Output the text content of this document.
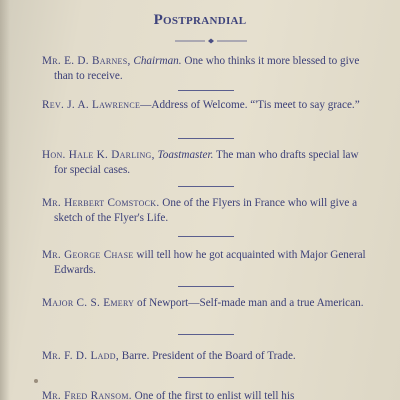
Postprandial
Mr. E. D. Barnes, Chairman. One who thinks it more blessed to give than to receive.
Rev. J. A. Lawrence—Address of Welcome. “'Tis meet to say grace.”
Hon. Hale K. Darling, Toastmaster. The man who drafts special law for special cases.
Mr. Herbert Comstock. One of the Flyers in France who will give a sketch of the Flyer's Life.
Mr. George Chase will tell how he got acquainted with Major General Edwards.
Major C. S. Emery of Newport—Self-made man and a true American.
Mr. F. D. Ladd, Barre. President of the Board of Trade.
Mr. Fred Ransom. One of the first to enlist will tell his
